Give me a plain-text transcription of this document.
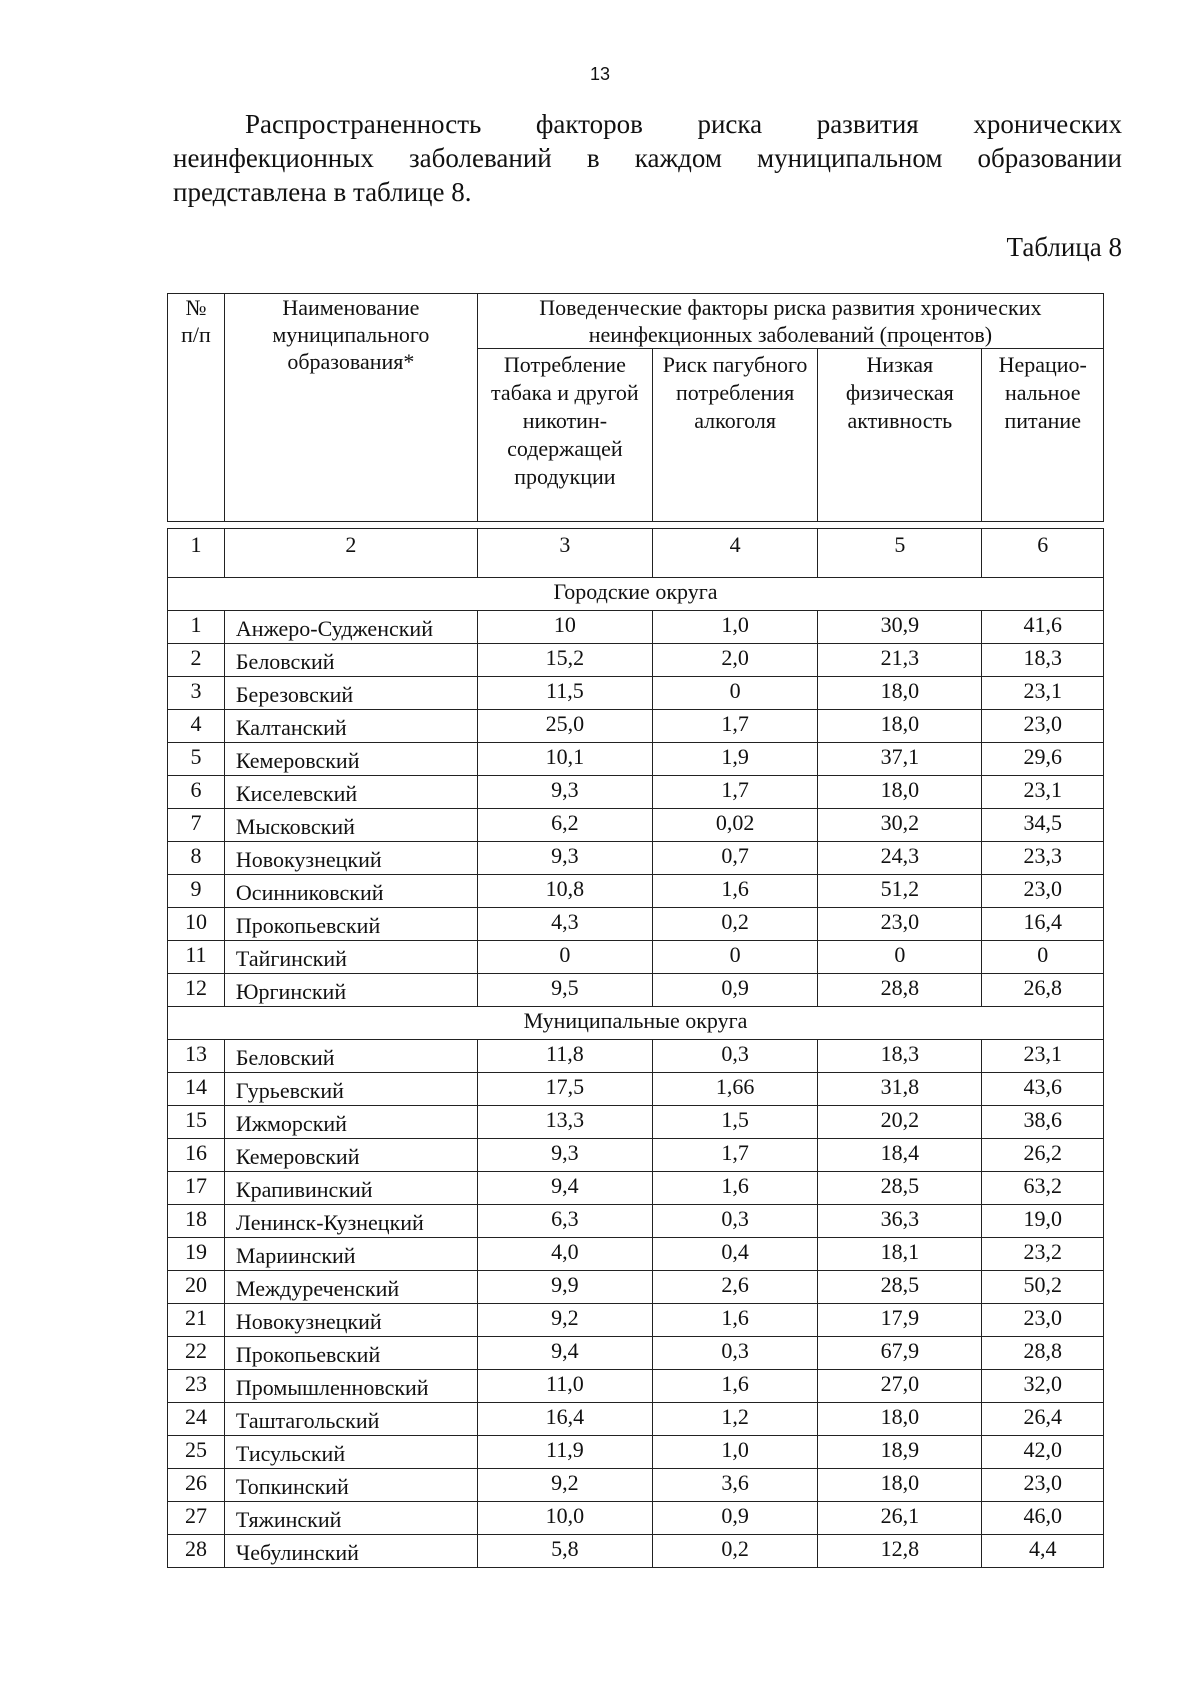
13

Распространенность факторов риска развития хронических неинфекционных заболеваний в каждом муниципальном образовании представлена в таблице 8.

Таблица 8
№ п/п	Наименование муниципального образования*	Поведенческие факторы риска развития хронических неинфекционных заболеваний (процентов)			
		Потребление табака и другой никотин-содержащей продукции	Риск пагубного потребления алкоголя	Низкая физическая активность	Нерацио-нальное питание

1	2	3	4	5	6
Городские округа					
1	Анжеро-Судженский	10	1,0	30,9	41,6
2	Беловский	15,2	2,0	21,3	18,3
3	Березовский	11,5	0	18,0	23,1
4	Калтанский	25,0	1,7	18,0	23,0
5	Кемеровский	10,1	1,9	37,1	29,6
6	Киселевский	9,3	1,7	18,0	23,1
7	Мысковский	6,2	0,02	30,2	34,5
8	Новокузнецкий	9,3	0,7	24,3	23,3
9	Осинниковский	10,8	1,6	51,2	23,0
10	Прокопьевский	4,3	0,2	23,0	16,4
11	Тайгинский	0	0	0	0
12	Юргинский	9,5	0,9	28,8	26,8
Муниципальные округа					
13	Беловский	11,8	0,3	18,3	23,1
14	Гурьевский	17,5	1,66	31,8	43,6
15	Ижморский	13,3	1,5	20,2	38,6
16	Кемеровский	9,3	1,7	18,4	26,2
17	Крапивинский	9,4	1,6	28,5	63,2
18	Ленинск-Кузнецкий	6,3	0,3	36,3	19,0
19	Мариинский	4,0	0,4	18,1	23,2
20	Междуреченский	9,9	2,6	28,5	50,2
21	Новокузнецкий	9,2	1,6	17,9	23,0
22	Прокопьевский	9,4	0,3	67,9	28,8
23	Промышленновский	11,0	1,6	27,0	32,0
24	Таштагольский	16,4	1,2	18,0	26,4
25	Тисульский	11,9	1,0	18,9	42,0
26	Топкинский	9,2	3,6	18,0	23,0
27	Тяжинский	10,0	0,9	26,1	46,0
28	Чебулинский	5,8	0,2	12,8	4,4
